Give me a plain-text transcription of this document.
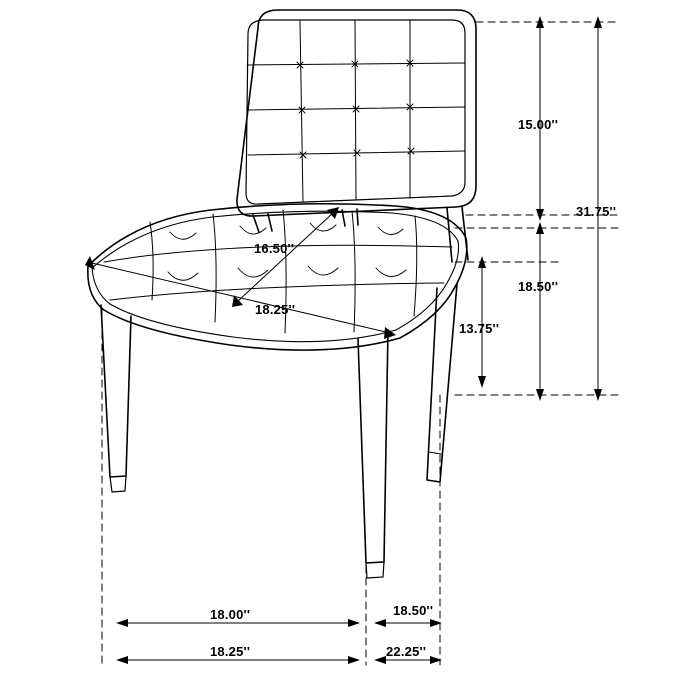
15.00''
31.75''
18.50''
13.75''
16.50''
18.25''
18.00''	18.50''
18.25''	22.25''
